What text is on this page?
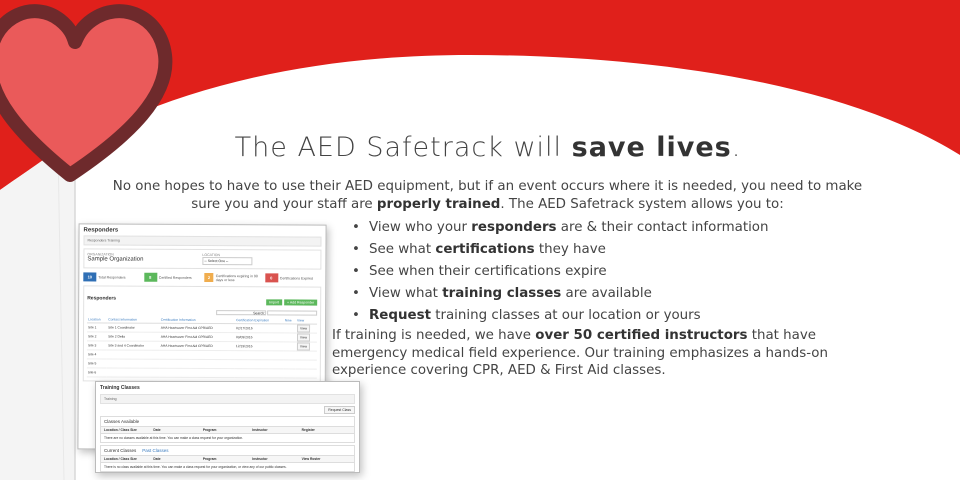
The AED Safetrack will save lives.

No one hopes to have to use their AED equipment, but if an event occurs where it is needed, you need to make sure you and your staff are properly trained. The AED Safetrack system allows you to:

• View who your responders are & their contact information
• See what certifications they have
• See when their certifications expire
• View what training classes are available
• Request training classes at our location or yours

If training is needed, we have over 50 certified instructors that have emergency medical field experience. Our training emphasizes a hands-on experience covering CPR, AED & First Aid classes.

Responders
Responders Training
ORGANIZATION
Sample Organization
LOCATION
-- Select One --
10	Total Responders	8	Certified Responders	2	Certifications expiring in 90 days or less	0	Certifications Expired
Responders
Import + Add Responder
Search:
Location	Contact Information	Certification Information	Certification Expiration	Nine	View
Site 1	Site 1 Coordinator	AHA Heartsaver First Aid CPR/AED	02/17/2016		View
Site 2	Site 2 Delia	AHA Heartsaver First Aid CPR/AED	03/09/2016		View
Site 3	Site 3 and 4 Coordinator	AHA Heartsaver First Aid CPR/AED	12/19/2016		View
Site 4					
Site 5					
Site 6					
Training Classes
Training
Request Class
Classes Available
Location / Class Size	Date	Program	Instructor	Register
There are no classes available at this time. You can make a class request for your organization.
Current Classes Past Classes
Location / Class Size	Date	Program	Instructor	View Roster
There is no class available at this time. You can make a class request for your organization, or view any of our public classes.
